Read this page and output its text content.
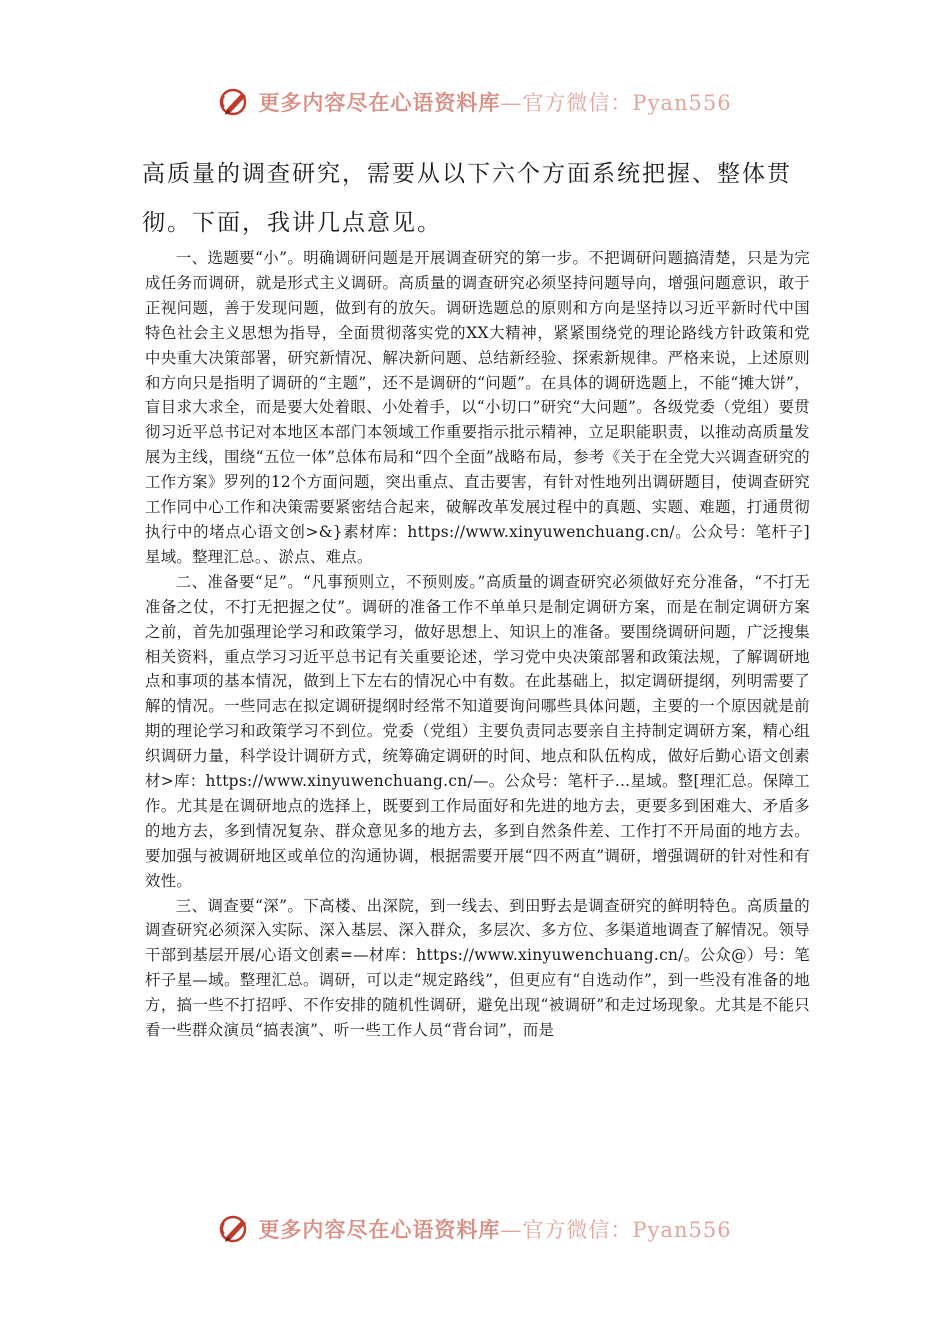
更多内容尽在心语资料库—官方微信：Pyan556
高质量的调查研究，需要从以下六个方面系统把握、整体贯彻。下面，我讲几点意见。

一、选题要“小”。明确调研问题是开展调查研究的第一步。不把调研问题搞清楚，只是为完成任务而调研，就是形式主义调研。高质量的调查研究必须坚持问题导向，增强问题意识，敢于正视问题，善于发现问题，做到有的放矢。调研选题总的原则和方向是坚持以习近平新时代中国特色社会主义思想为指导，全面贯彻落实党的XX大精神，紧紧围绕党的理论路线方针政策和党中央重大决策部署，研究新情况、解决新问题、总结新经验、探索新规律。严格来说，上述原则和方向只是指明了调研的“主题”，还不是调研的“问题”。在具体的调研选题上，不能“摊大饼”，盲目求大求全，而是要大处着眼、小处着手，以“小切口”研究“大问题”。各级党委（党组）要贯彻习近平总书记对本地区本部门本领域工作重要指示批示精神，立足职能职责，以推动高质量发展为主线，围绕“五位一体”总体布局和“四个全面”战略布局，参考《关于在全党大兴调查研究的工作方案》罗列的12个方面问题，突出重点、直击要害，有针对性地列出调研题目，使调查研究工作同中心工作和决策需要紧密结合起来，破解改革发展过程中的真题、实题、难题，打通贯彻执行中的堵点心语文创>&}素材库：https://www.xinyuwenchuang.cn/。公众号：笔杆子]星域。整理汇总。、淤点、难点。

二、准备要“足”。“凡事预则立，不预则废。”高质量的调查研究必须做好充分准备，“不打无准备之仗，不打无把握之仗”。调研的准备工作不单单只是制定调研方案，而是在制定调研方案之前，首先加强理论学习和政策学习，做好思想上、知识上的准备。要围绕调研问题，广泛搜集相关资料，重点学习习近平总书记有关重要论述，学习党中央决策部署和政策法规，了解调研地点和事项的基本情况，做到上下左右的情况心中有数。在此基础上，拟定调研提纲，列明需要了解的情况。一些同志在拟定调研提纲时经常不知道要询问哪些具体问题，主要的一个原因就是前期的理论学习和政策学习不到位。党委（党组）主要负责同志要亲自主持制定调研方案，精心组织调研力量，科学设计调研方式，统筹确定调研的时间、地点和队伍构成，做好后勤心语文创素材>库：https://www.xinyuwenchuang.cn/—。公众号：笔杆子…星域。整[理汇总。保障工作。尤其是在调研地点的选择上，既要到工作局面好和先进的地方去，更要多到困难大、矛盾多的地方去，多到情况复杂、群众意见多的地方去，多到自然条件差、工作打不开局面的地方去。要加强与被调研地区或单位的沟通协调，根据需要开展“四不两直”调研，增强调研的针对性和有效性。

三、调查要“深”。下高楼、出深院，到一线去、到田野去是调查研究的鲜明特色。高质量的调查研究必须深入实际、深入基层、深入群众，多层次、多方位、多渠道地调查了解情况。领导干部到基层开展/心语文创素=—材库：https://www.xinyuwenchuang.cn/。公众@）号：笔杆子星—域。整理汇总。调研，可以走“规定路线”，但更应有“自选动作”，到一些没有准备的地方，搞一些不打招呼、不作安排的随机性调研，避免出现“被调研”和走过场现象。尤其是不能只看一些群众演员“搞表演”、听一些工作人员“背台词”，而是

更多内容尽在心语资料库—官方微信：Pyan556
